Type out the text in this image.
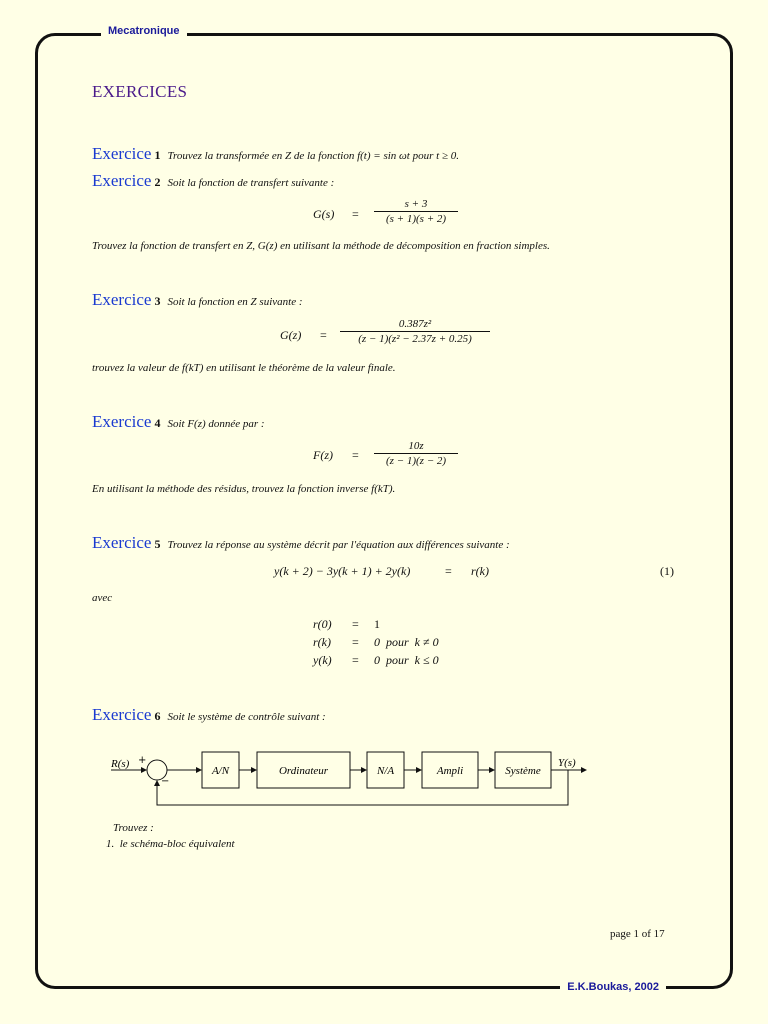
Mecatronique
E.K.Boukas, 2002
EXERCICES
Exercice 1 Trouvez la transformée en Z de la fonction f(t) = sin ωt pour t ≥ 0.
Exercice 2 Soit la fonction de transfert suivante :
G(s) =
s + 3
(s + 1)(s + 2)
Trouvez la fonction de transfert en Z, G(z) en utilisant la méthode de décomposition en fraction simples.
Exercice 3 Soit la fonction en Z suivante :
G(z) =
0.387z²
(z − 1)(z² − 2.37z + 0.25)
trouvez la valeur de f(kT) en utilisant le théorème de la valeur finale.
Exercice 4 Soit F(z) donnée par :
F(z) =
10z
(z − 1)(z − 2)
En utilisant la méthode des résidus, trouvez la fonction inverse f(kT).
Exercice 5 Trouvez la réponse au système décrit par l'équation aux différences suivante :
y(k + 2) − 3y(k + 1) + 2y(k)	= r(k)	(1)
avec
r(0) = 1
r(k) = 0  pour  k ≠ 0
y(k) = 0  pour  k ≤ 0
Exercice 6 Soit le système de contrôle suivant :
R(s) +
−
A/N	Ordinateur	N/A	Ampli	Système
Y(s)
Trouvez :
1.  le schéma-bloc équivalent
page 1 of 17
